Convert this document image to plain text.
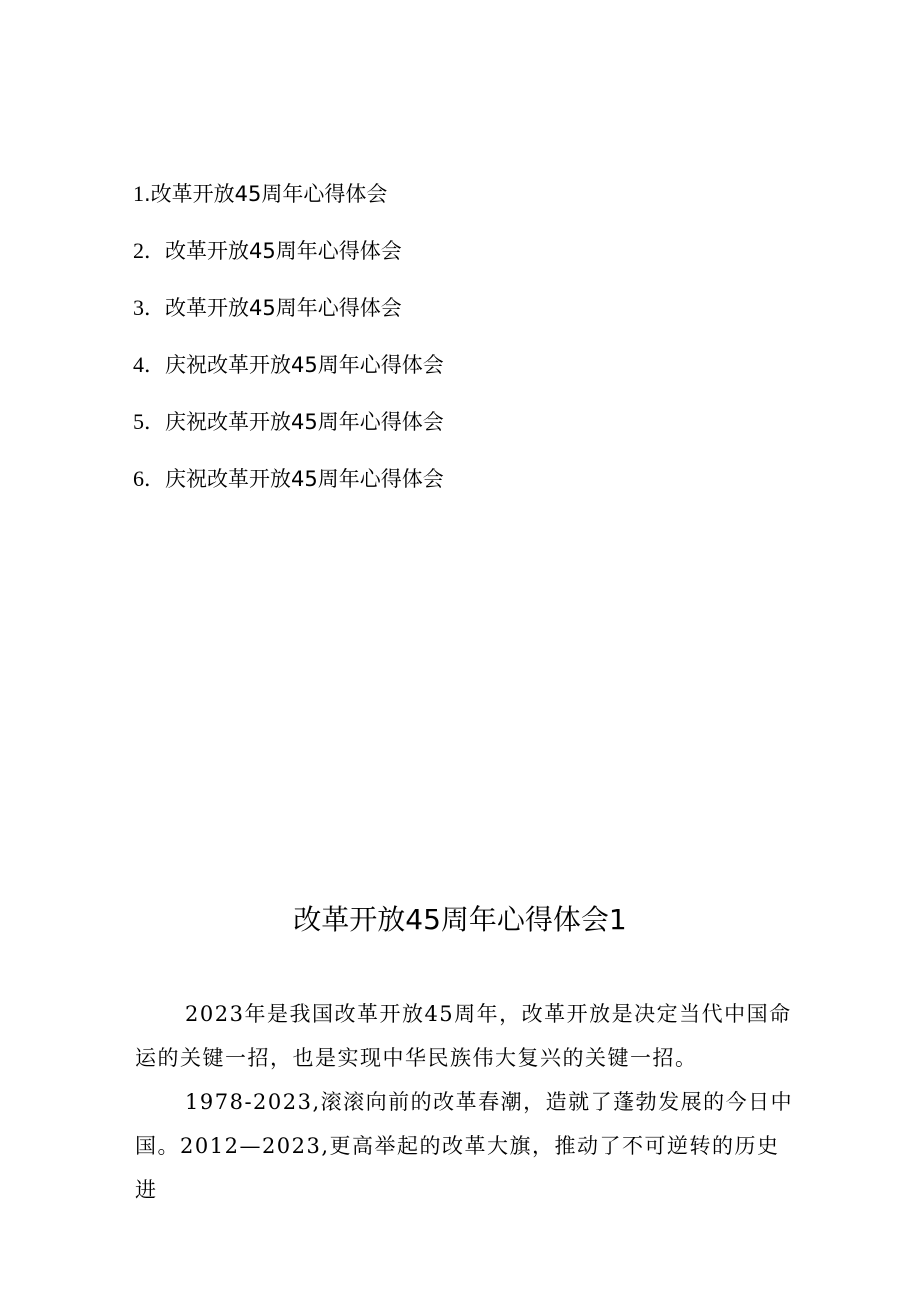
1.改革开放45周年心得体会
2．改革开放45周年心得体会
3．改革开放45周年心得体会
4．庆祝改革开放45周年心得体会
5．庆祝改革开放45周年心得体会
6．庆祝改革开放45周年心得体会
改革开放45周年心得体会1

2023年是我国改革开放45周年，改革开放是决定当代中国命运的关键一招，也是实现中华民族伟大复兴的关键一招。

1978-2023,滚滚向前的改革春潮，造就了蓬勃发展的今日中国。2012—2023,更高举起的改革大旗，推动了不可逆转的历史进
